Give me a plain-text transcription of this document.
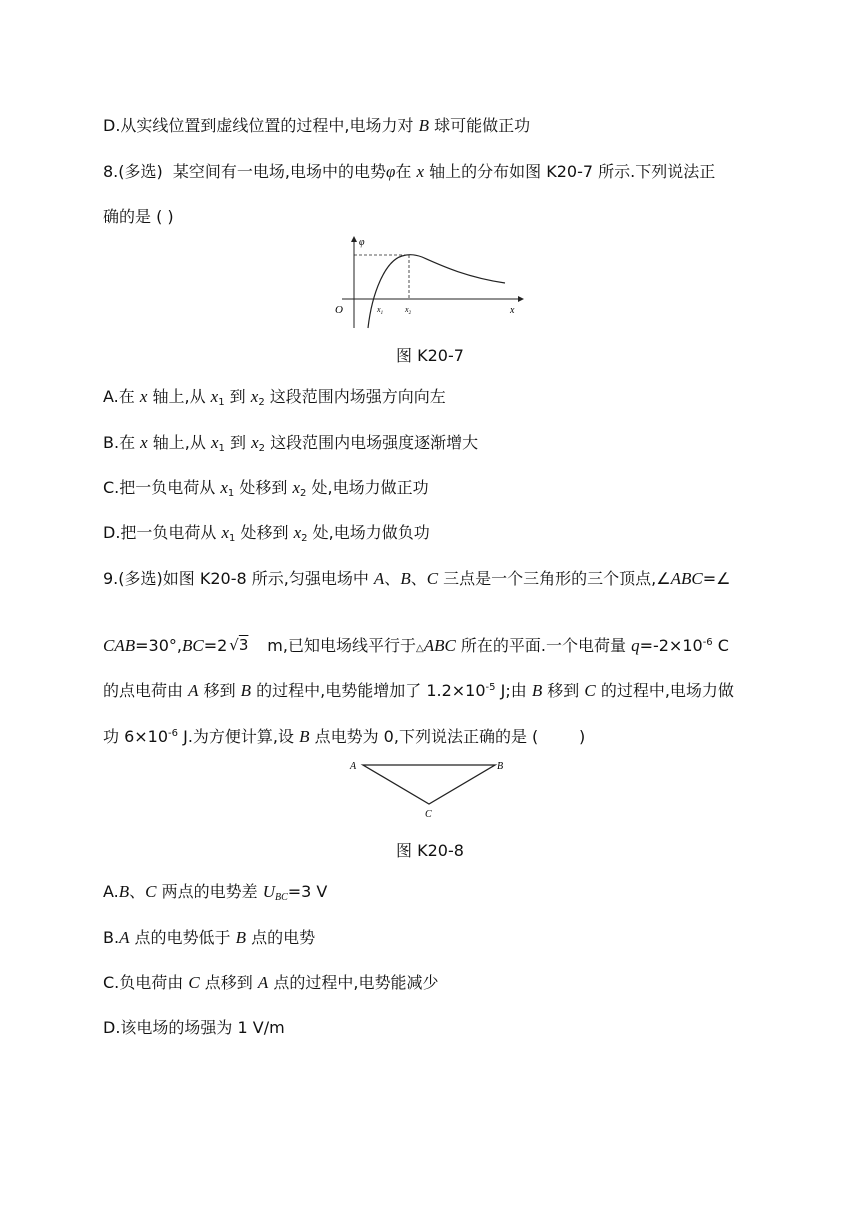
D.从实线位置到虚线位置的过程中,电场力对 B 球可能做正功
8.(多选)  某空间有一电场,电场中的电势φ在 x 轴上的分布如图 K20-7 所示.下列说法正
确的是 ( )
O
φ
x
$x_1$	$x_2$
图 K20-7
A.在 x 轴上,从 $x_1$ 到 $x_2$ 这段范围内场强方向向左
B.在 x 轴上,从 $x_1$ 到 $x_2$ 这段范围内电场强度逐渐增大
C.把一负电荷从 $x_1$ 处移到 $x_2$ 处,电场力做正功
D.把一负电荷从 $x_1$ 处移到 $x_2$ 处,电场力做负功
9.(多选)如图 K20-8 所示,匀强电场中 A、B、C 三点是一个三角形的三个顶点,∠ABC=∠
CAB=30°,BC=2 √3 m,已知电场线平行于△ABC 所在的平面.一个电荷量 $q=-2\times 10^{-6}$ C
的点电荷由 A 移到 B 的过程中,电势能增加了 $1.2\times 10^{-5}$ J;由 B 移到 C 的过程中,电场力做
功 $6\times 10^{-6}$ J.为方便计算,设 B 点电势为 0,下列说法正确的是 (        )
A	B
C
图 K20-8
A.B、C 两点的电势差 $U_{BC}=3$ V
B.A 点的电势低于 B 点的电势
C.负电荷由 C 点移到 A 点的过程中,电势能减少
D.该电场的场强为 1 V/m
